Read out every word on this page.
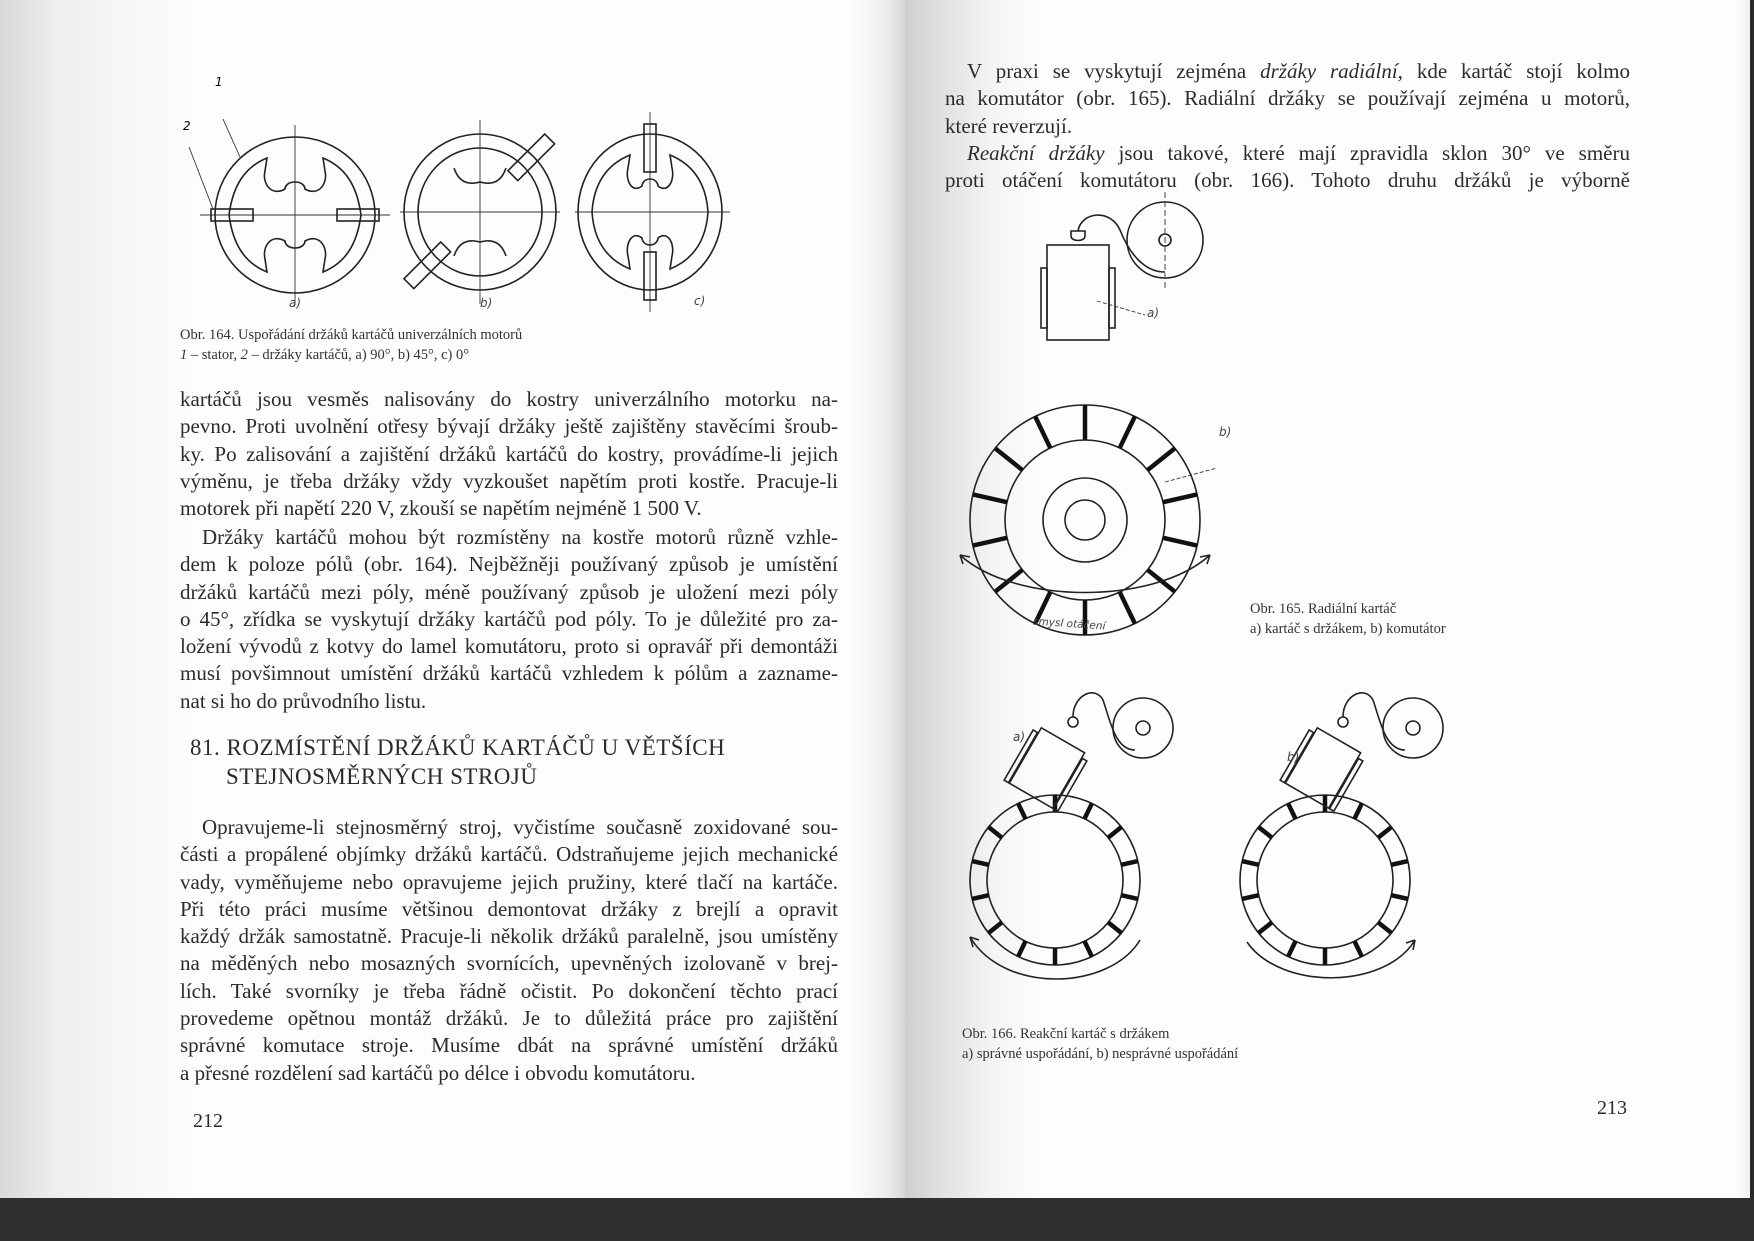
1
2
a)	b)	c)
Obr. 164. Uspořádání držáků kartáčů univerzálních motorů
1 – stator, 2 – držáky kartáčů, a) 90°, b) 45°, c) 0°
kartáčů jsou vesměs nalisovány do kostry univerzálního motorku na-
pevno. Proti uvolnění otřesy bývají držáky ještě zajištěny stavěcími šroub-
ky. Po zalisování a zajištění držáků kartáčů do kostry, provádíme-li jejich
výměnu, je třeba držáky vždy vyzkoušet napětím proti kostře. Pracuje-li
motorek při napětí 220 V, zkouší se napětím nejméně 1 500 V.
Držáky kartáčů mohou být rozmístěny na kostře motorů různě vzhle-
dem k poloze pólů (obr. 164). Nejběžněji používaný způsob je umístění
držáků kartáčů mezi póly, méně používaný způsob je uložení mezi póly
o 45°, zřídka se vyskytují držáky kartáčů pod póly. To je důležité pro za-
ložení vývodů z kotvy do lamel komutátoru, proto si opravář při demontáži
musí povšimnout umístění držáků kartáčů vzhledem k pólům a zazname-
nat si ho do průvodního listu.
81. ROZMÍSTĚNÍ DRŽÁKŮ KARTÁČŮ U VĚTŠÍCH
STEJNOSMĚRNÝCH STROJŮ
Opravujeme-li stejnosměrný stroj, vyčistíme současně zoxidované sou-
části a propálené objímky držáků kartáčů. Odstraňujeme jejich mechanické
vady, vyměňujeme nebo opravujeme jejich pružiny, které tlačí na kartáče.
Při této práci musíme většinou demontovat držáky z brejlí a opravit
každý držák samostatně. Pracuje-li několik držáků paralelně, jsou umístěny
na měděných nebo mosazných svornících, upevněných izolovaně v brej-
lích. Také svorníky je třeba řádně očistit. Po dokončení těchto prací
provedeme opětnou montáž držáků. Je to důležitá práce pro zajištění
správné komutace stroje. Musíme dbát na správné umístění držáků
a přesné rozdělení sad kartáčů po délce i obvodu komutátoru.
212
V praxi se vyskytují zejména držáky radiální, kde kartáč stojí kolmo
na komutátor (obr. 165). Radiální držáky se používají zejména u motorů,
které reverzují.
Reakční držáky jsou takové, které mají zpravidla sklon 30° ve směru
proti otáčení komutátoru (obr. 166). Tohoto druhu držáků je výborně
a)
b)
smysl otáčení
Obr. 165. Radiální kartáč
a) kartáč s držákem, b) komutátor
a)
b)
Obr. 166. Reakční kartáč s držákem
a) správné uspořádání, b) nesprávné uspořádání
213
